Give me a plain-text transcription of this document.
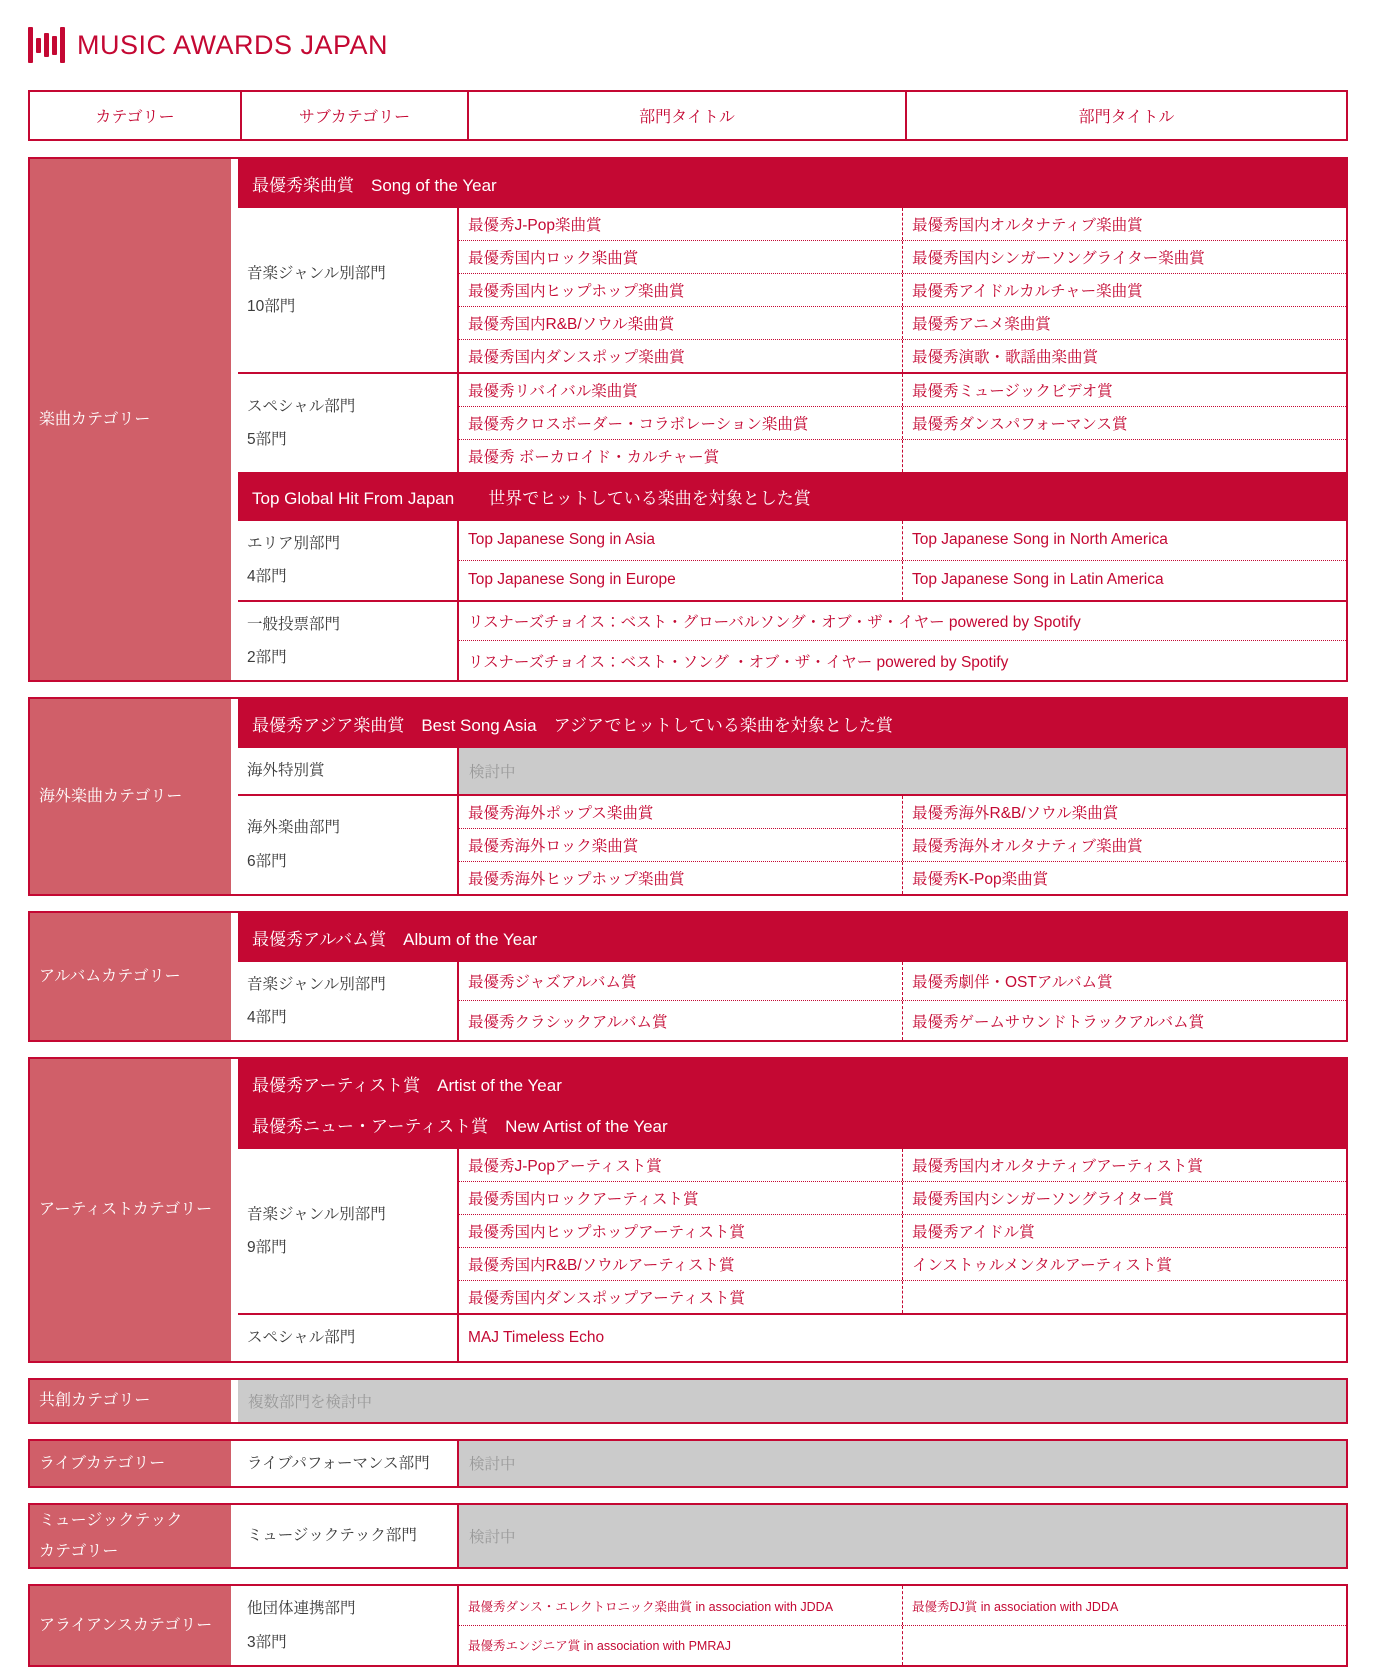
MUSIC AWARDS JAPAN
カテゴリー	サブカテゴリー	部門タイトル	部門タイトル
楽曲カテゴリー
最優秀楽曲賞　Song of the Year
音楽ジャンル別部門
10部門
最優秀J-Pop楽曲賞	最優秀国内オルタナティブ楽曲賞
最優秀国内ロック楽曲賞	最優秀国内シンガーソングライター楽曲賞
最優秀国内ヒップホップ楽曲賞	最優秀アイドルカルチャー楽曲賞
最優秀国内R&B/ソウル楽曲賞	最優秀アニメ楽曲賞
最優秀国内ダンスポップ楽曲賞	最優秀演歌・歌謡曲楽曲賞
スペシャル部門
5部門
最優秀リバイバル楽曲賞	最優秀ミュージックビデオ賞
最優秀クロスボーダー・コラボレーション楽曲賞	最優秀ダンスパフォーマンス賞
最優秀 ボーカロイド・カルチャー賞
Top Global Hit From Japan　　 世界でヒットしている楽曲を対象とした賞
エリア別部門
4部門
Top Japanese Song in Asia	Top Japanese Song in North America
Top Japanese Song in Europe	Top Japanese Song in Latin America
一般投票部門
2部門
リスナーズチョイス：ベスト・グローバルソング・オブ・ザ・イヤー powered by Spotify
リスナーズチョイス：ベスト・ソング ・オブ・ザ・イヤー powered by Spotify
海外楽曲カテゴリー
最優秀アジア楽曲賞　Best Song Asia　アジアでヒットしている楽曲を対象とした賞
海外特別賞	検討中
海外楽曲部門
6部門
最優秀海外ポップス楽曲賞	最優秀海外R&B/ソウル楽曲賞
最優秀海外ロック楽曲賞	最優秀海外オルタナティブ楽曲賞
最優秀海外ヒップホップ楽曲賞	最優秀K-Pop楽曲賞
アルバムカテゴリー
最優秀アルバム賞　Album of the Year
音楽ジャンル別部門
4部門
最優秀ジャズアルバム賞	最優秀劇伴・OSTアルバム賞
最優秀クラシックアルバム賞	最優秀ゲームサウンドトラックアルバム賞
アーティストカテゴリー
最優秀アーティスト賞　Artist of the Year
最優秀ニュー・アーティスト賞　New Artist of the Year
音楽ジャンル別部門
9部門
最優秀J-Popアーティスト賞	最優秀国内オルタナティブアーティスト賞
最優秀国内ロックアーティスト賞	最優秀国内シンガーソングライター賞
最優秀国内ヒップホップアーティスト賞	最優秀アイドル賞
最優秀国内R&B/ソウルアーティスト賞	インストゥルメンタルアーティスト賞
最優秀国内ダンスポップアーティスト賞
スペシャル部門	MAJ Timeless Echo
共創カテゴリー	複数部門を検討中
ライブカテゴリー	ライブパフォーマンス部門	検討中
ミュージックテック
カテゴリー
ミュージックテック部門	検討中
アライアンスカテゴリー
他団体連携部門
3部門
最優秀ダンス・エレクトロニック楽曲賞 in association with JDDA	最優秀DJ賞 in association with JDDA
最優秀エンジニア賞 in association with PMRAJ
